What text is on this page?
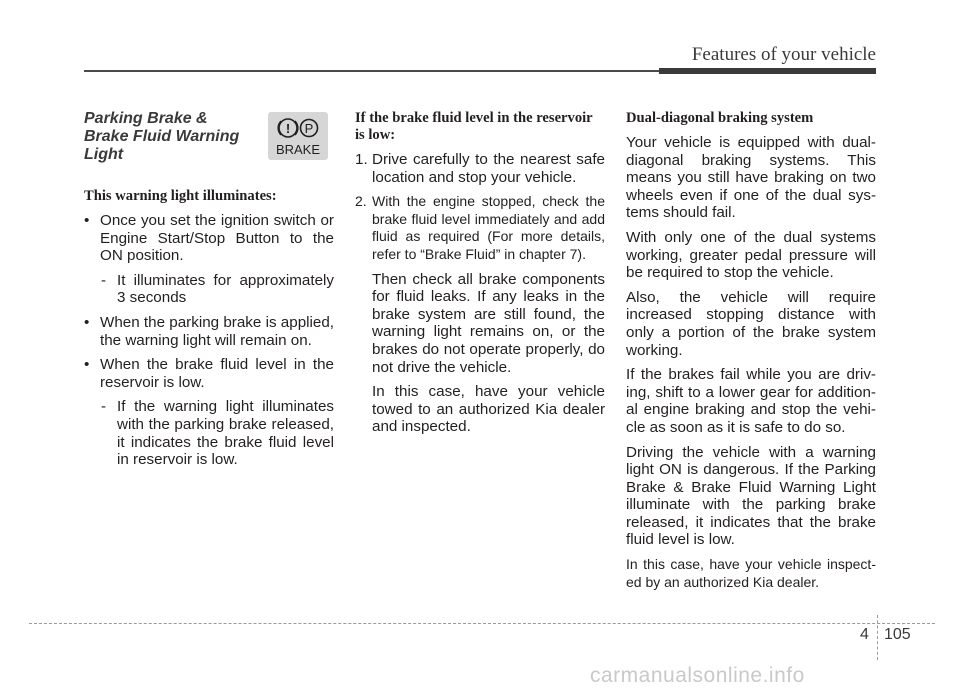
Features of your vehicle
Parking Brake & Brake Fluid Warning Light
This warning light illuminates:
• Once you set the ignition switch or Engine Start/Stop Button to the ON position.
- It illuminates for approximately 3 seconds
• When the parking brake is applied, the warning light will remain on.
• When the brake fluid level in the reservoir is low.
- If the warning light illuminates with the parking brake released, it indicates the brake fluid level in reservoir is low.
! P
BRAKE
If the brake fluid level in the reservoir is low:
1. Drive carefully to the nearest safe location and stop your vehicle.
2. With the engine stopped, check the brake fluid level immediately and add fluid as required (For more details, refer to “Brake Fluid” in chapter 7).

Then check all brake components for fluid leaks. If any leaks in the brake system are still found, the warning light remains on, or the brakes do not operate properly, do not drive the vehicle.

In this case, have your vehicle towed to an authorized Kia dealer and inspected.

Dual-diagonal braking system

Your vehicle is equipped with dual-diagonal braking systems. This means you still have braking on two wheels even if one of the dual sys-tems should fail.

With only one of the dual systems working, greater pedal pressure will be required to stop the vehicle.

Also, the vehicle will require increased stopping distance with only a portion of the brake system working.

If the brakes fail while you are driv-ing, shift to a lower gear for addition-al engine braking and stop the vehi-cle as soon as it is safe to do so.

Driving the vehicle with a warning light ON is dangerous. If the Parking Brake & Brake Fluid Warning Light illuminate with the parking brake released, it indicates that the brake fluid level is low.

In this case, have your vehicle inspect-ed by an authorized Kia dealer.

4 105
carmanualsonline.info
